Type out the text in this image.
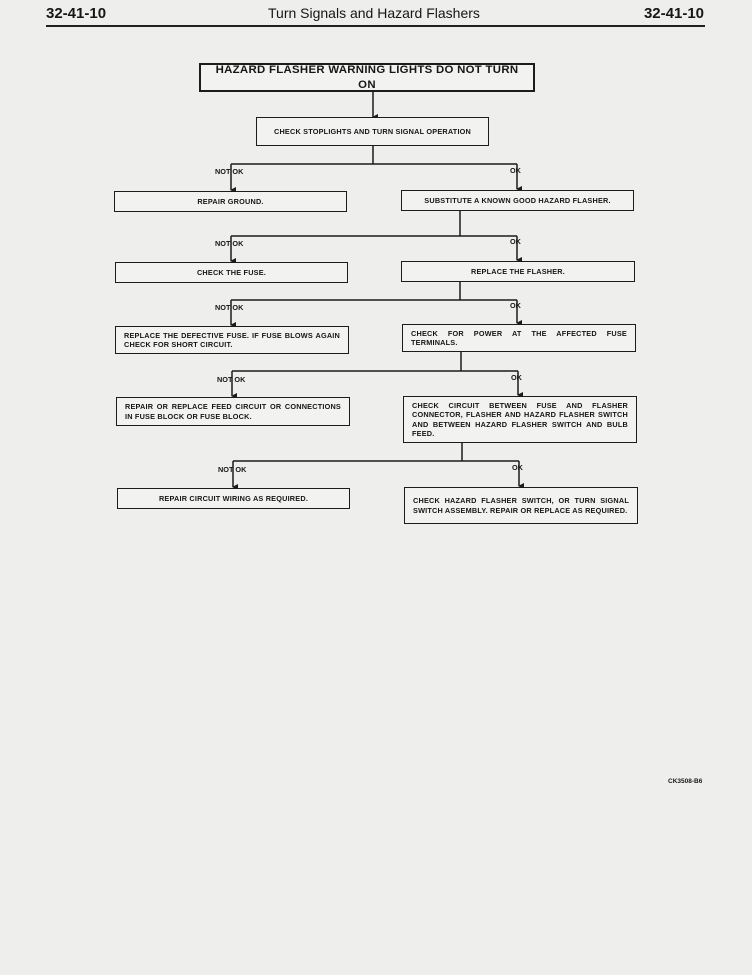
32-41-10	Turn Signals and Hazard Flashers	32-41-10
HAZARD FLASHER WARNING LIGHTS DO NOT TURN ON
CHECK STOPLIGHTS AND TURN SIGNAL OPERATION
NOT OK	OK
REPAIR GROUND.	SUBSTITUTE A KNOWN GOOD HAZARD FLASHER.
NOT OK	OK
CHECK THE FUSE.	REPLACE THE FLASHER.
NOT OK	OK
REPLACE THE DEFECTIVE FUSE. IF FUSE BLOWS AGAIN CHECK FOR SHORT CIRCUIT.
CHECK FOR POWER AT THE AFFECTED FUSE TERMINALS.
NOT OK	OK
REPAIR OR REPLACE FEED CIRCUIT OR CONNECTIONS IN FUSE BLOCK OR FUSE BLOCK.
CHECK CIRCUIT BETWEEN FUSE AND FLASHER CONNECTOR, FLASHER AND HAZARD FLASHER SWITCH AND BETWEEN HAZARD FLASHER SWITCH AND BULB FEED.
NOT OK	OK
REPAIR CIRCUIT WIRING AS REQUIRED.	CHECK HAZARD FLASHER SWITCH, OR TURN SIGNAL SWITCH ASSEMBLY. REPAIR OR REPLACE AS REQUIRED.
CK3508-B6
